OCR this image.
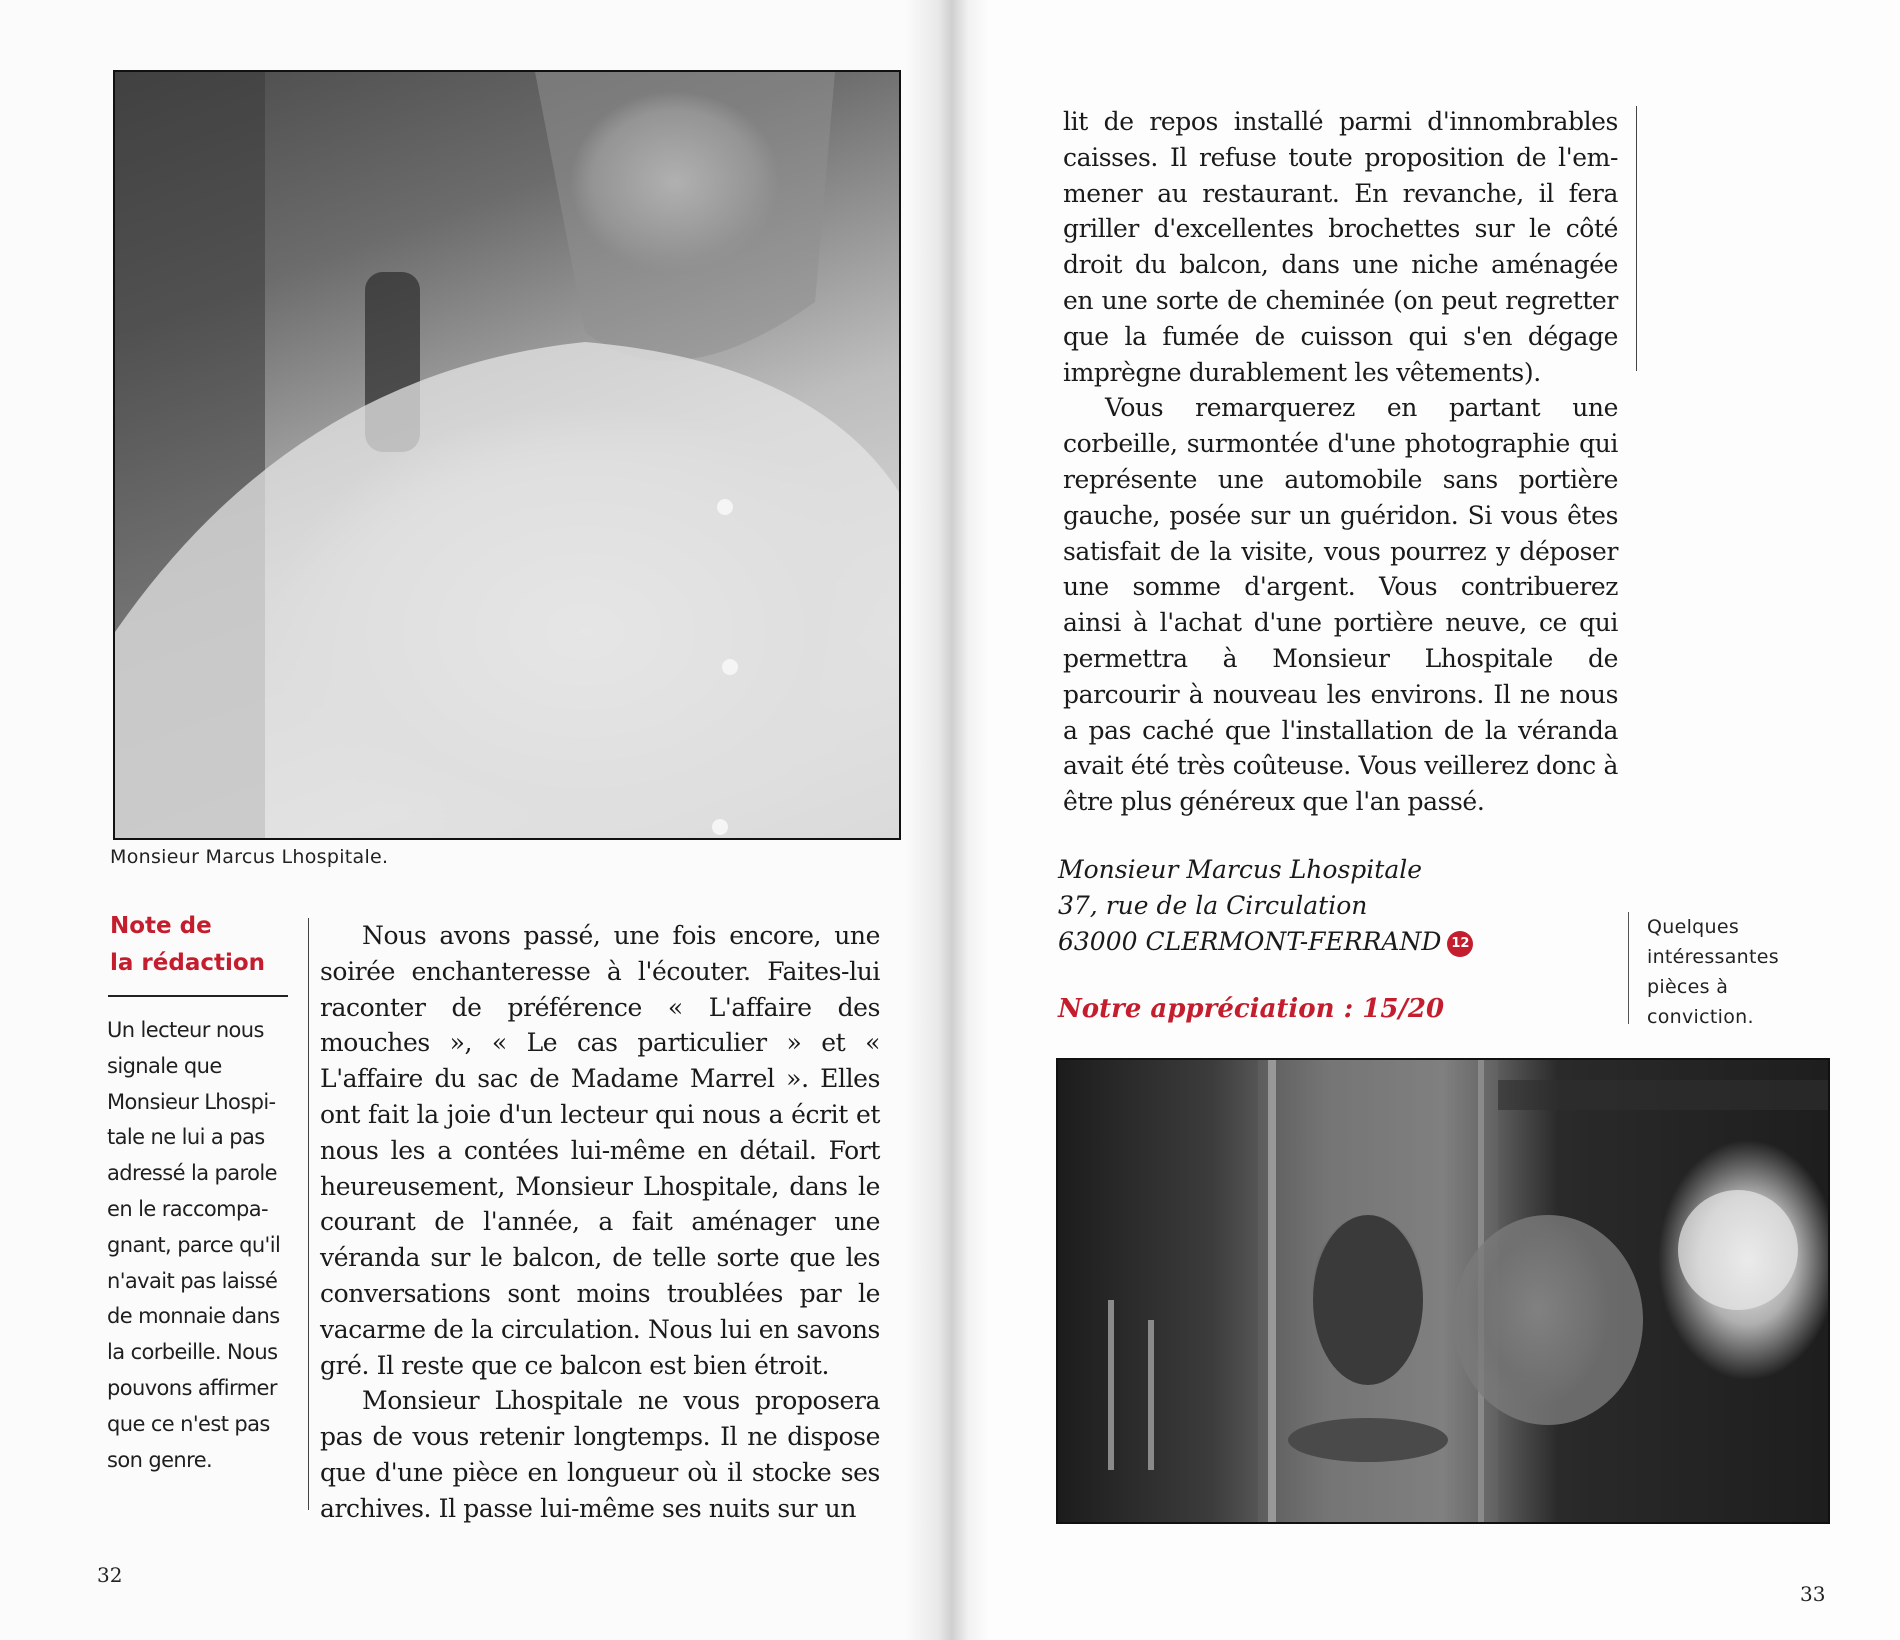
Monsieur Marcus Lhospitale.
Note de
la rédaction
Un lecteur nous signale que Monsieur Lhospi-tale ne lui a pas adressé la parole en le raccompa-gnant, parce qu'il n'avait pas laissé de monnaie dans la corbeille. Nous pouvons affirmer que ce n'est pas son genre.

Nous avons passé, une fois encore, une soirée enchanteresse à l'écouter. Faites-lui raconter de préférence « L'affaire des mouches », « Le cas particulier » et « L'affaire du sac de Madame Marrel ». Elles ont fait la joie d'un lecteur qui nous a écrit et nous les a contées lui-même en détail. Fort heureusement, Monsieur Lhospitale, dans le courant de l'année, a fait aménager une véranda sur le balcon, de telle sorte que les conversations sont moins troublées par le vacarme de la circulation. Nous lui en savons gré. Il reste que ce balcon est bien étroit.

Monsieur Lhospitale ne vous proposera pas de vous retenir longtemps. Il ne dispose que d'une pièce en longueur où il stocke ses archives. Il passe lui-même ses nuits sur un

32

lit de repos installé parmi d'innombrables caisses. Il refuse toute proposition de l'em-mener au restaurant. En revanche, il fera griller d'excellentes brochettes sur le côté droit du balcon, dans une niche aménagée en une sorte de cheminée (on peut regretter que la fumée de cuisson qui s'en dégage imprègne durablement les vêtements).

Vous remarquerez en partant une corbeille, surmontée d'une photographie qui représente une automobile sans portière gauche, posée sur un guéridon. Si vous êtes satisfait de la visite, vous pourrez y déposer une somme d'argent. Vous contribuerez ainsi à l'achat d'une portière neuve, ce qui permettra à Monsieur Lhospitale de parcourir à nouveau les environs. Il ne nous a pas caché que l'installation de la véranda avait été très coûteuse. Vous veillerez donc à être plus généreux que l'an passé.

Monsieur Marcus Lhospitale
37, rue de la Circulation
63000 CLERMONT-FERRAND 12
Notre appréciation : 15/20
Quelques intéressantes pièces à conviction.
33
